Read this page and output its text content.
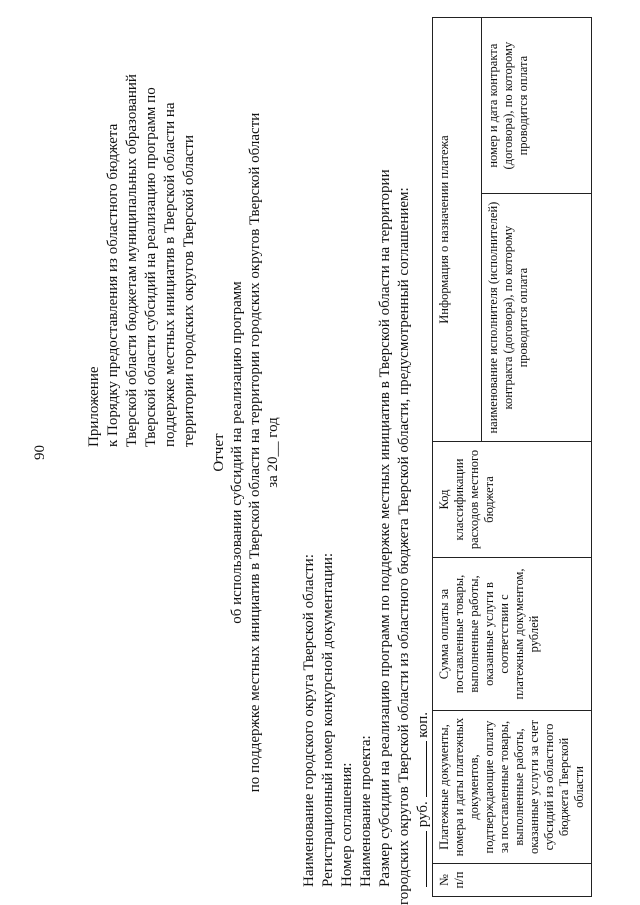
90
Приложение к Порядку предоставления из областного бюджета Тверской области бюджетам муниципальных образований Тверской области субсидий на реализацию программ по поддержке местных инициатив в Тверской области на территории городских округов Тверской области
Отчет об использовании субсидий на реализацию программ по поддержке местных инициатив в Тверской области на территории городских округов Тверской области за 20__ год
Наименование городского округа Тверской области: Регистрационный номер конкурсной документации: Номер соглашения: Наименование проекта: Размер субсидии на реализацию программ по поддержке местных инициатив в Тверской области на территории городских округов Тверской области из областного бюджета Тверской области, предусмотренный соглашением: руб.  коп.
№ п/п	Платежные документы, номера и даты платежных документов, подтверждающие оплату за поставленные товары, выполненные работы, оказанные услуги за счет субсидий из областного бюджета Тверской области	Сумма оплаты за поставленные товары, выполненные работы, оказанные услуги в соответствии с платежным документом, рублей	Код классификации расходов местного бюджета	Информация о назначении платежа	
				наименование исполнителя (исполнителей) контракта (договора), по которому проводится оплата	номер и дата контракта (договора), по которому проводится оплата
